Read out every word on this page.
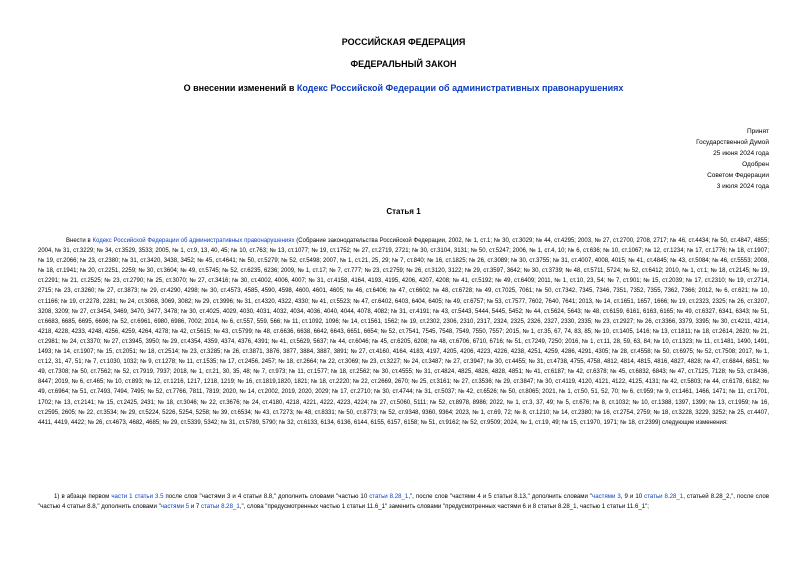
РОССИЙСКАЯ ФЕДЕРАЦИЯ
ФЕДЕРАЛЬНЫЙ ЗАКОН
О внесении изменений в Кодекс Российской Федерации об административных правонарушениях
Принят
Государственной Думой
25 июня 2024 года
Одобрен
Советом Федерации
3 июля 2024 года
Статья 1
Внести в Кодекс Российской Федерации об административных правонарушениях (Собрание законодательства Российской Федерации, 2002, № 1, ст.1; № 30, ст.3029; № 44, ст.4295; 2003, № 27, ст.2700, 2708, 2717; № 46, ст.4434; № 50, ст.4847, 4855; 2004, № 31, ст.3229; № 34, ст.3529, 3533; 2005, № 1, ст.9, 13, 40, 45; № 10, ст.763; № 13, ст.1077; № 19, ст.1752; № 27, ст.2719, 2721; № 30, ст.3104, 3131; № 50, ст.5247; 2006, № 1, ст.4, 10; № 6, ст.636; № 10, ст.1067; № 12, ст.1234; № 17, ст.1776; № 18, ст.1907; № 19, ст.2066; № 23, ст.2380; № 31, ст.3420, 3438, 3452; № 45, ст.4641; № 50, ст.5279; № 52, ст.5498; 2007, № 1, ст.21, 25, 29; № 7, ст.840; № 16, ст.1825; № 26, ст.3089; № 30, ст.3755; № 31, ст.4007, 4008, 4015; № 41, ст.4845; № 43, ст.5084; № 46, ст.5553; 2008, № 18, ст.1941; № 20, ст.2251, 2259; № 30, ст.3604; № 49, ст.5745; № 52, ст.6235, 6236; 2009, № 1, ст.17; № 7, ст.777; № 23, ст.2759; № 26, ст.3120, 3122; № 29, ст.3597, 3642; № 30, ст.3739; № 48, ст.5711, 5724; № 52, ст.6412; 2010, № 1, ст.1; № 18, ст.2145; № 19, ст.2291; № 21, ст.2525; № 23, ст.2790; № 25, ст.3070; № 27, ст.3416; № 30, ст.4002, 4006, 4007; № 31, ст.4158, 4164, 4193, 4195, 4206, 4207, 4208; № 41, ст.5192; № 49, ст.6409; 2011, № 1, ст.10, 23, 54; № 7, ст.901; № 15, ст.2039; № 17, ст.2310; № 19, ст.2714, 2715; № 23, ст.3260; № 27, ст.3873; № 29, ст.4290, 4298; № 30, ст.4573, 4585, 4590, 4598, 4600, 4601, 4605; № 46, ст.6406; № 47, ст.6602; № 48, ст.6728; № 49, ст.7025, 7061; № 50, ст.7342, 7345, 7346, 7351, 7352, 7355, 7362, 7366; 2012, № 6, ст.621; № 10, ст.1166; № 19, ст.2278, 2281; № 24, ст.3068, 3069, 3082; № 29, ст.3996; № 31, ст.4320, 4322, 4330; № 41, ст.5523; № 47, ст.6402, 6403, 6404, 6405; № 49, ст.6757; № 53, ст.7577, 7602, 7640, 7641; 2013, № 14, ст.1651, 1657, 1666; № 19, ст.2323, 2325; № 26, ст.3207, 3208, 3209; № 27, ст.3454, 3469, 3470, 3477, 3478; № 30, ст.4025, 4029, 4030, 4031, 4032, 4034, 4036, 4040, 4044, 4078, 4082; № 31, ст.4191; № 43, ст.5443, 5444, 5445, 5452; № 44, ст.5624, 5643; № 48, ст.6159, 6161, 6163, 6165; № 49, ст.6327, 6341, 6343; № 51, ст.6683, 6685, 6695, 6696; № 52, ст.6961, 6980, 6986, 7002; 2014, № 6, ст.557, 559, 566; № 11, ст.1092, 1096; № 14, ст.1561, 1562; № 19, ст.2302, 2306, 2310, 2317, 2324, 2325, 2326, 2327, 2330, 2335; № 23, ст.2927; № 26, ст.3366, 3379, 3395; № 30, ст.4211, 4214, 4218, 4228, 4233, 4248, 4256, 4259, 4264, 4278; № 42, ст.5615; № 43, ст.5799; № 48, ст.6636, 6638, 6642, 6643, 6651, 6654; № 52, ст.7541, 7545, 7548, 7549, 7550, 7557; 2015, № 1, ст.35, 67, 74, 83, 85; № 10, ст.1405, 1416; № 13, ст.1811; № 18, ст.2614, 2620; № 21, ст.2981; № 24, ст.3370; № 27, ст.3945, 3950; № 29, ст.4354, 4359, 4374, 4376, 4391; № 41, ст.5629, 5637; № 44, ст.6046; № 45, ст.6205, 6208; № 48, ст.6706, 6710, 6716; № 51, ст.7249, 7250; 2016, № 1, ст.11, 28, 59, 63, 84; № 10, ст.1323; № 11, ст.1481, 1490, 1491, 1493; № 14, ст.1907; № 15, ст.2051; № 18, ст.2514; № 23, ст.3285; № 26, ст.3871, 3876, 3877, 3884, 3887, 3891; № 27, ст.4160, 4164, 4183, 4197, 4205, 4206, 4223, 4226, 4238, 4251, 4259, 4286, 4291, 4305; № 28, ст.4558; № 50, ст.6975; № 52, ст.7508; 2017, № 1, ст.12, 31, 47, 51; № 7, ст.1030, 1032; № 9, ст.1278; № 11, ст.1535; № 17, ст.2456, 2457; № 18, ст.2664; № 22, ст.3069; № 23, ст.3227; № 24, ст.3487; № 27, ст.3947; № 30, ст.4455; № 31, ст.4738, 4755, 4758, 4812, 4814, 4815, 4816, 4827, 4828; № 47, ст.6844, 6851; № 49, ст.7308; № 50, ст.7562; № 52, ст.7919, 7937; 2018, № 1, ст.21, 30, 35, 48; № 7, ст.973; № 11, ст.1577; № 18, ст.2562; № 30, ст.4555; № 31, ст.4824, 4825, 4826, 4828, 4851; № 41, ст.6187; № 42, ст.6378; № 45, ст.6832, 6843; № 47, ст.7125, 7128; № 53, ст.8436, 8447; 2019, № 6, ст.465; № 10, ст.893; № 12, ст.1216, 1217, 1218, 1219; № 16, ст.1819,1820, 1821; № 18, ст.2220; № 22, ст.2669, 2670; № 25, ст.3161; № 27, ст.3536; № 29, ст.3847; № 30, ст.4119, 4120, 4121, 4122, 4125, 4131; № 42, ст.5803; № 44, ст.6178, 6182; № 49, ст.6964; № 51, ст.7493, 7494, 7495; № 52, ст.7766, 7811, 7819; 2020, № 14, ст.2002, 2019, 2020, 2029; № 17, ст.2710; № 30, ст.4744; № 31, ст.5037; № 42, ст.6526; № 50, ст.8065; 2021, № 1, ст.50, 51, 52, 70; № 6, ст.959; № 9, ст.1461, 1466, 1471; № 11, ст.1701, 1702; № 13, ст.2141; № 15, ст.2425, 2431; № 18, ст.3046; № 22, ст.3676; № 24, ст.4180, 4218, 4221, 4222, 4223, 4224; № 27, ст.5060, 5111; № 52, ст.8978, 8986; 2022, № 1, ст.3, 37, 49; № 5, ст.676; № 8, ст.1032; № 10, ст.1388, 1397, 1399; № 13, ст.1959; № 16, ст.2595, 2605; № 22, ст.3534; № 29, ст.5224, 5226, 5254, 5258; № 39, ст.6534; № 43, ст.7273; № 48, ст.8331; № 50, ст.8773; № 52, ст.9348, 9360, 9364; 2023, № 1, ст.69, 72; № 8, ст.1210; № 14, ст.2380; № 16, ст.2754, 2759; № 18, ст.3228, 3229, 3252; № 25, ст.4407, 4411, 4419, 4422; № 26, ст.4673, 4682, 4685; № 29, ст.5339, 5342; № 31, ст.5789, 5790; № 32, ст.6133, 6134, 6136, 6144, 6155, 6157, 6158; № 51, ст.9162; № 52, ст.9509; 2024, № 1, ст.19, 49; № 15, ст.1970, 1971; № 18, ст.2399) следующие изменения:
1) в абзаце первом части 1 статьи 3.5 после слов "частями 3 и 4 статьи 8.8," дополнить словами "частью 10 статьи 8.28_1,", после слов "частями 4 и 5 статьи 8.13," дополнить словами "частями 3, 9 и 10 статьи 8.28_1, статьей 8.28_2,", после слов "частью 4 статьи 8.8," дополнить словами "частями 5 и 7 статьи 8.28_1,", слова "предусмотренных частью 1 статьи 11.6_1" заменить словами "предусмотренных частями 6 и 8 статьи 8.28_1, частью 1 статьи 11.6_1";
